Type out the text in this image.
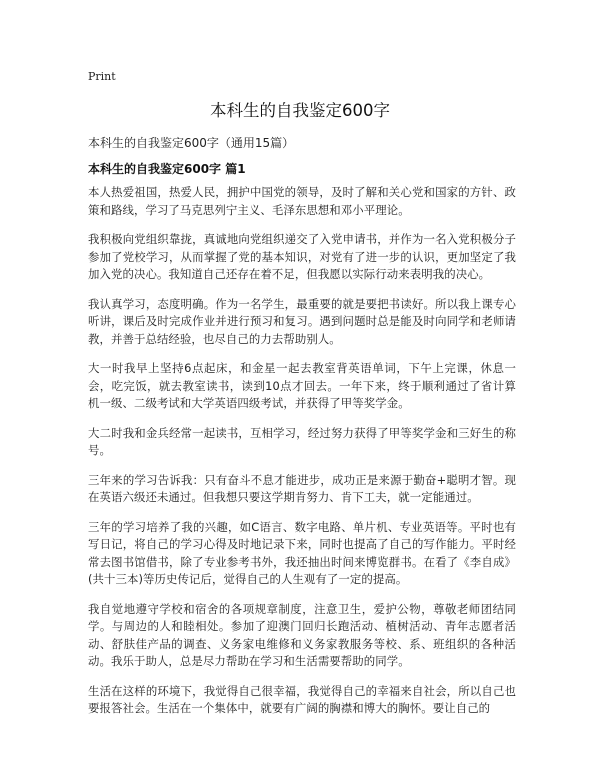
Print
本科生的自我鉴定600字
本科生的自我鉴定600字（通用15篇）
本科生的自我鉴定600字 篇1

本人热爱祖国，热爱人民，拥护中国党的领导，及时了解和关心党和国家的方针、政策和路线，学习了马克思列宁主义、毛泽东思想和邓小平理论。

我积极向党组织靠拢，真诚地向党组织递交了入党申请书，并作为一名入党积极分子参加了党校学习，从而掌握了党的基本知识，对党有了进一步的认识，更加坚定了我加入党的决心。我知道自己还存在着不足，但我愿以实际行动来表明我的决心。

我认真学习，态度明确。作为一名学生，最重要的就是要把书读好。所以我上课专心听讲，课后及时完成作业并进行预习和复习。遇到问题时总是能及时向同学和老师请教，并善于总结经验，也尽自己的力去帮助别人。

大一时我早上坚持6点起床，和金星一起去教室背英语单词，下午上完课，休息一会，吃完饭，就去教室读书，读到10点才回去。一年下来，终于顺利通过了省计算机一级、二级考试和大学英语四级考试，并获得了甲等奖学金。

大二时我和金兵经常一起读书，互相学习，经过努力获得了甲等奖学金和三好生的称号。

三年来的学习告诉我：只有奋斗不息才能进步，成功正是来源于勤奋+聪明才智。现在英语六级还未通过。但我想只要这学期肯努力、肯下工夫，就一定能通过。

三年的学习培养了我的兴趣，如C语言、数字电路、单片机、专业英语等。平时也有写日记，将自己的学习心得及时地记录下来，同时也提高了自己的写作能力。平时经常去图书馆借书，除了专业参考书外，我还抽出时间来博览群书。在看了《李自成》(共十三本)等历史传记后，觉得自己的人生观有了一定的提高。

我自觉地遵守学校和宿舍的各项规章制度，注意卫生，爱护公物，尊敬老师团结同学。与周边的人和睦相处。参加了迎澳门回归长跑活动、植树活动、青年志愿者活动、舒肤佳产品的调查、义务家电维修和义务家教服务等校、系、班组织的各种活动。我乐于助人，总是尽力帮助在学习和生活需要帮助的同学。

生活在这样的环境下，我觉得自己很幸福，我觉得自己的幸福来自社会，所以自己也要报答社会。生活在一个集体中，就要有广阔的胸襟和博大的胸怀。要让自己的
